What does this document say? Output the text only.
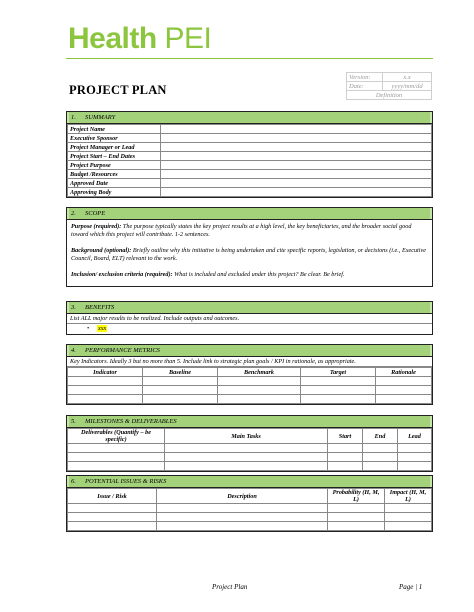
Health PEI
PROJECT PLAN
Version:	x.x
Date:	yyyy/mm/dd
Definition	
1. SUMMARY
Project Name	
Executive Sponsor	
Project Manager or Lead	
Project Start – End Dates	
Project Purpose	
Budget /Resources	
Approved Date	
Approving Body	
2. SCOPE

Purpose (required): The purpose typically states the key project results at a high level, the key beneficiaries, and the broader social good toward which this project will contribute. 1-2 sentences.

Background (optional): Briefly outline why this initiative is being undertaken and cite specific reports, legislation, or decisions (i.e., Executive Council, Board, ELT) relevant to the work.

Inclusion/ exclusion criteria (required): What is included and excluded under this project? Be clear. Be brief.

3. BENEFITS
List ALL major results to be realized. Include outputs and outcomes.
• xxx
4. PERFORMANCE METRICS
Key Indicators. Ideally 3 but no more than 5. Include link to strategic plan goals / KPI in rationale, as appropriate.
Indicator	Baseline	Benchmark	Target	Rationale

5. MILESTONES & DELIVERABLES
Deliverables (Quantify – be specific)	Main Tasks	Start	End	Lead

6. POTENTIAL ISSUES & RISKS
Issue / Risk	Description	Probability (H, M, L)	Impact (H, M, L)

Project Plan	Page | 1
